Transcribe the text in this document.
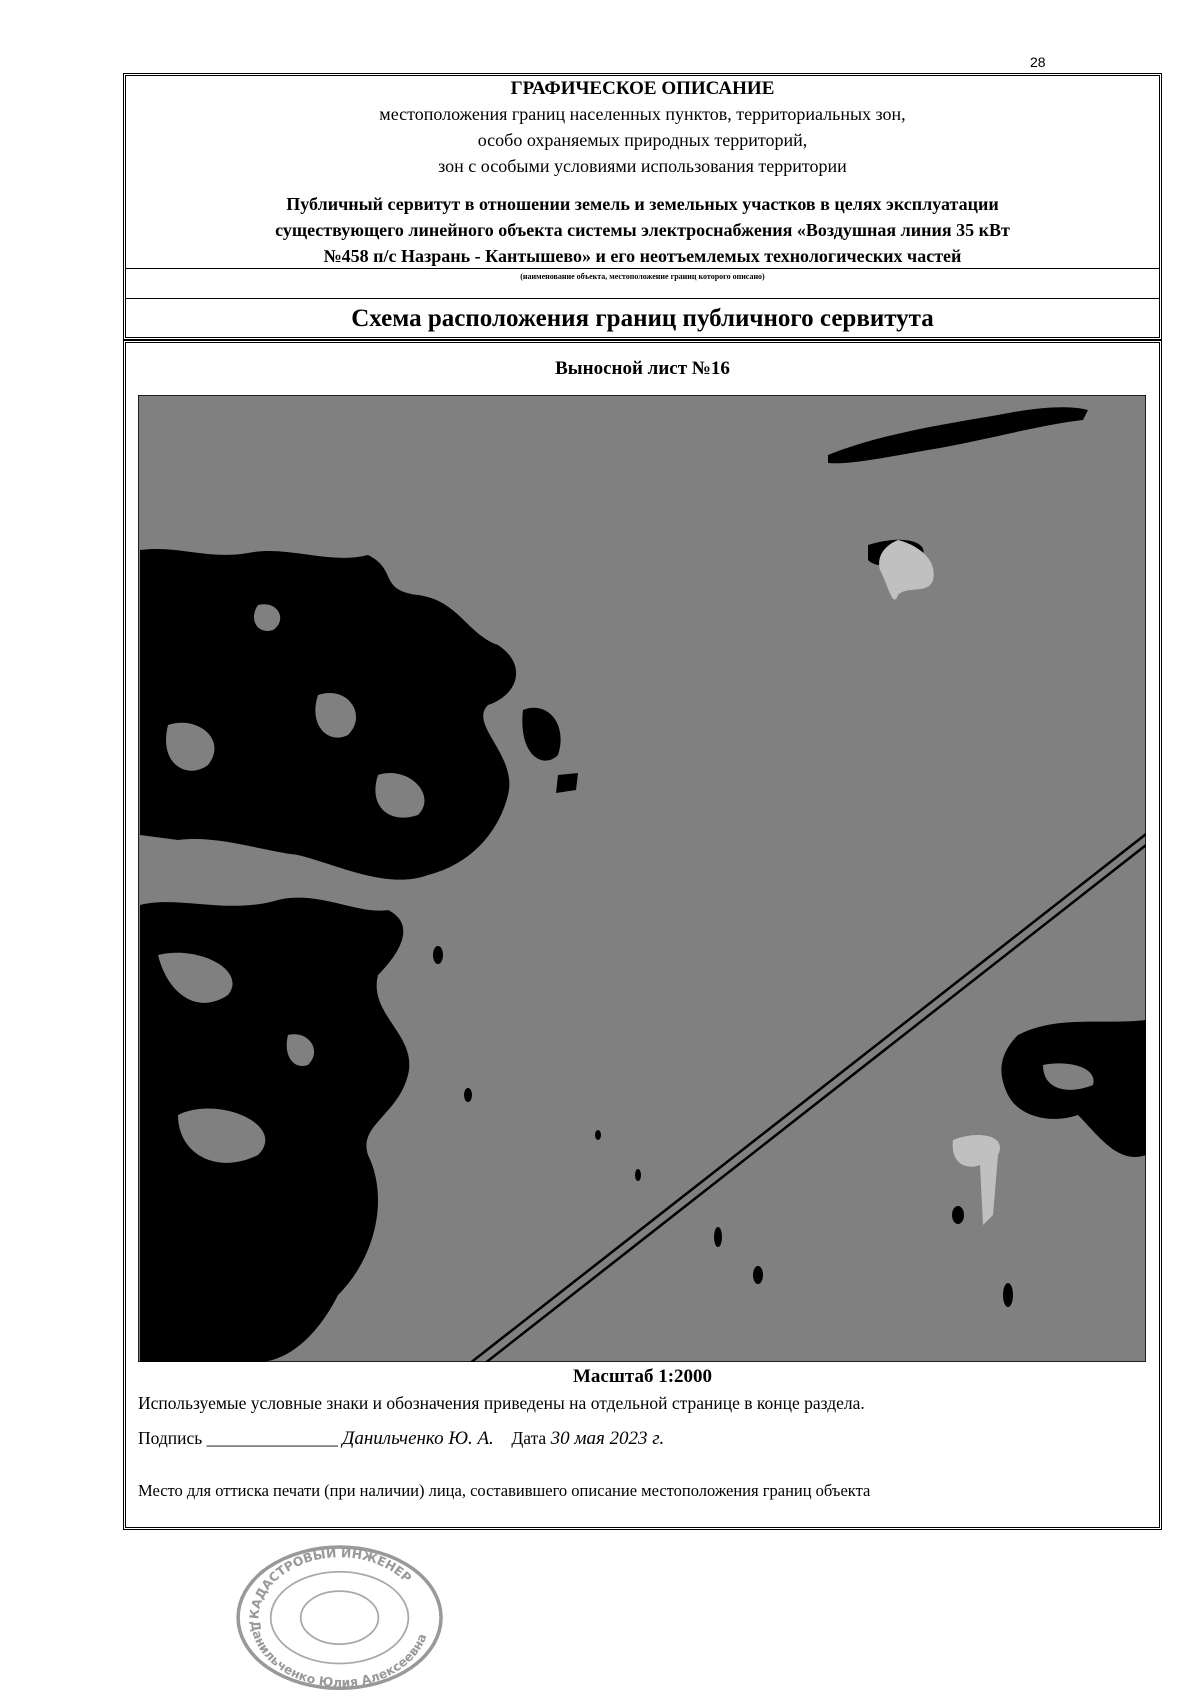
28
ГРАФИЧЕСКОЕ ОПИСАНИЕ
местоположения границ населенных пунктов, территориальных зон,
особо охраняемых природных территорий,
зон с особыми условиями использования территории
Публичный сервитут в отношении земель и земельных участков в целях эксплуатации
существующего линейного объекта системы электроснабжения «Воздушная линия 35 кВт
№458 п/с Назрань - Кантышево» и его неотъемлемых технологических частей
(наименование объекта, местоположение границ которого описано)
Схема расположения границ публичного сервитута
Выносной лист №16
Масштаб 1:2000
Используемые условные знаки и обозначения приведены на отдельной странице в конце раздела.
Подпись _______________ Данильченко Ю. А. Дата 30 мая 2023 г.
Место для оттиска печати (при наличии) лица, составившего описание местоположения границ объекта
КАДАСТРОВЫЙ ИНЖЕНЕР
Данильченко Юлия Алексеевна
